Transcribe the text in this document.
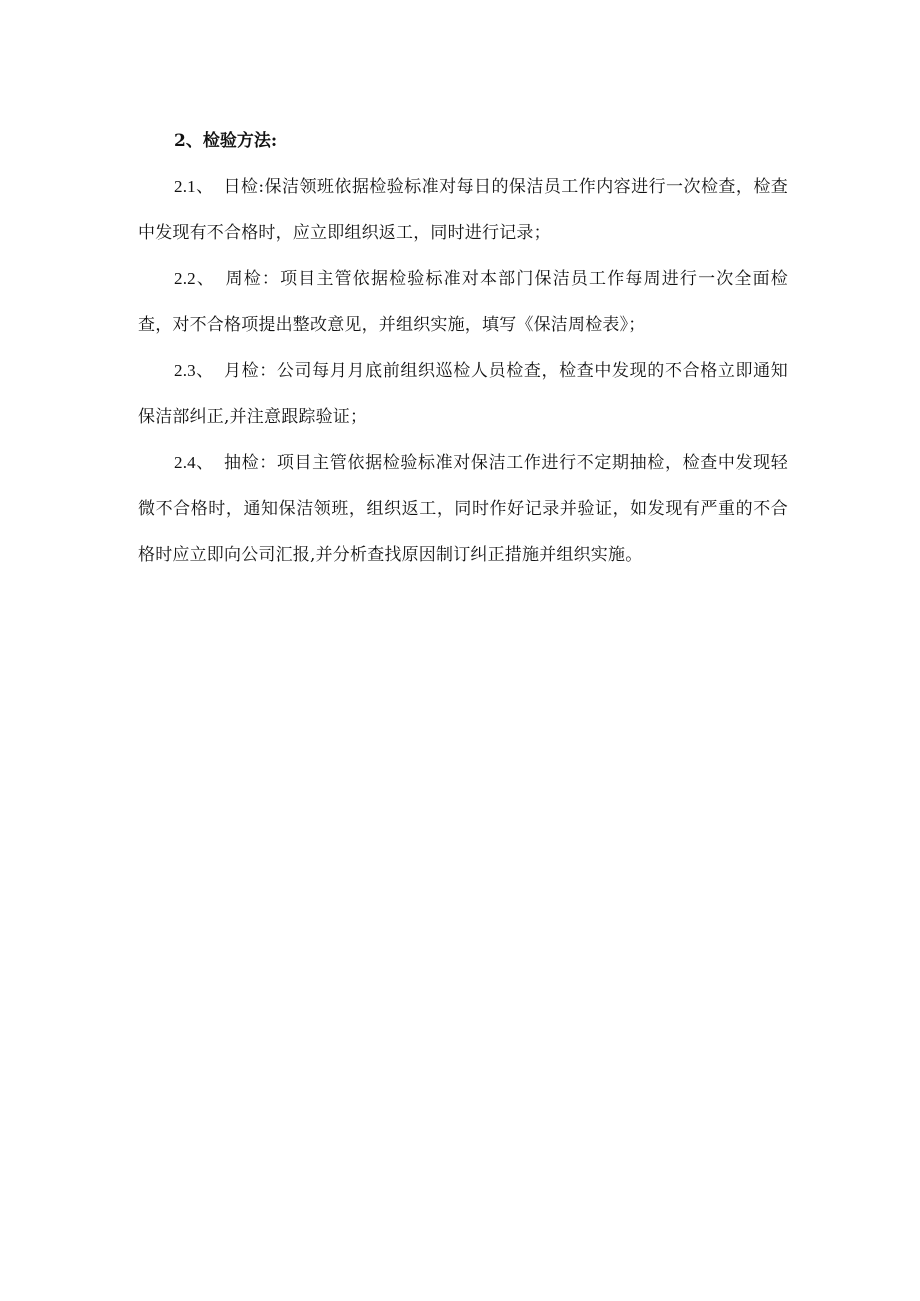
2、检验方法:

2.1、 日检:保洁领班依据检验标准对每日的保洁员工作内容进行一次检查，检查中发现有不合格时，应立即组织返工，同时进行记录；

2.2、 周检：项目主管依据检验标准对本部门保洁员工作每周进行一次全面检查，对不合格项提出整改意见，并组织实施，填写《保洁周检表》；

2.3、 月检：公司每月月底前组织巡检人员检查，检查中发现的不合格立即通知保洁部纠正,并注意跟踪验证；

2.4、 抽检：项目主管依据检验标准对保洁工作进行不定期抽检，检查中发现轻微不合格时，通知保洁领班，组织返工，同时作好记录并验证，如发现有严重的不合格时应立即向公司汇报,并分析查找原因制订纠正措施并组织实施。
